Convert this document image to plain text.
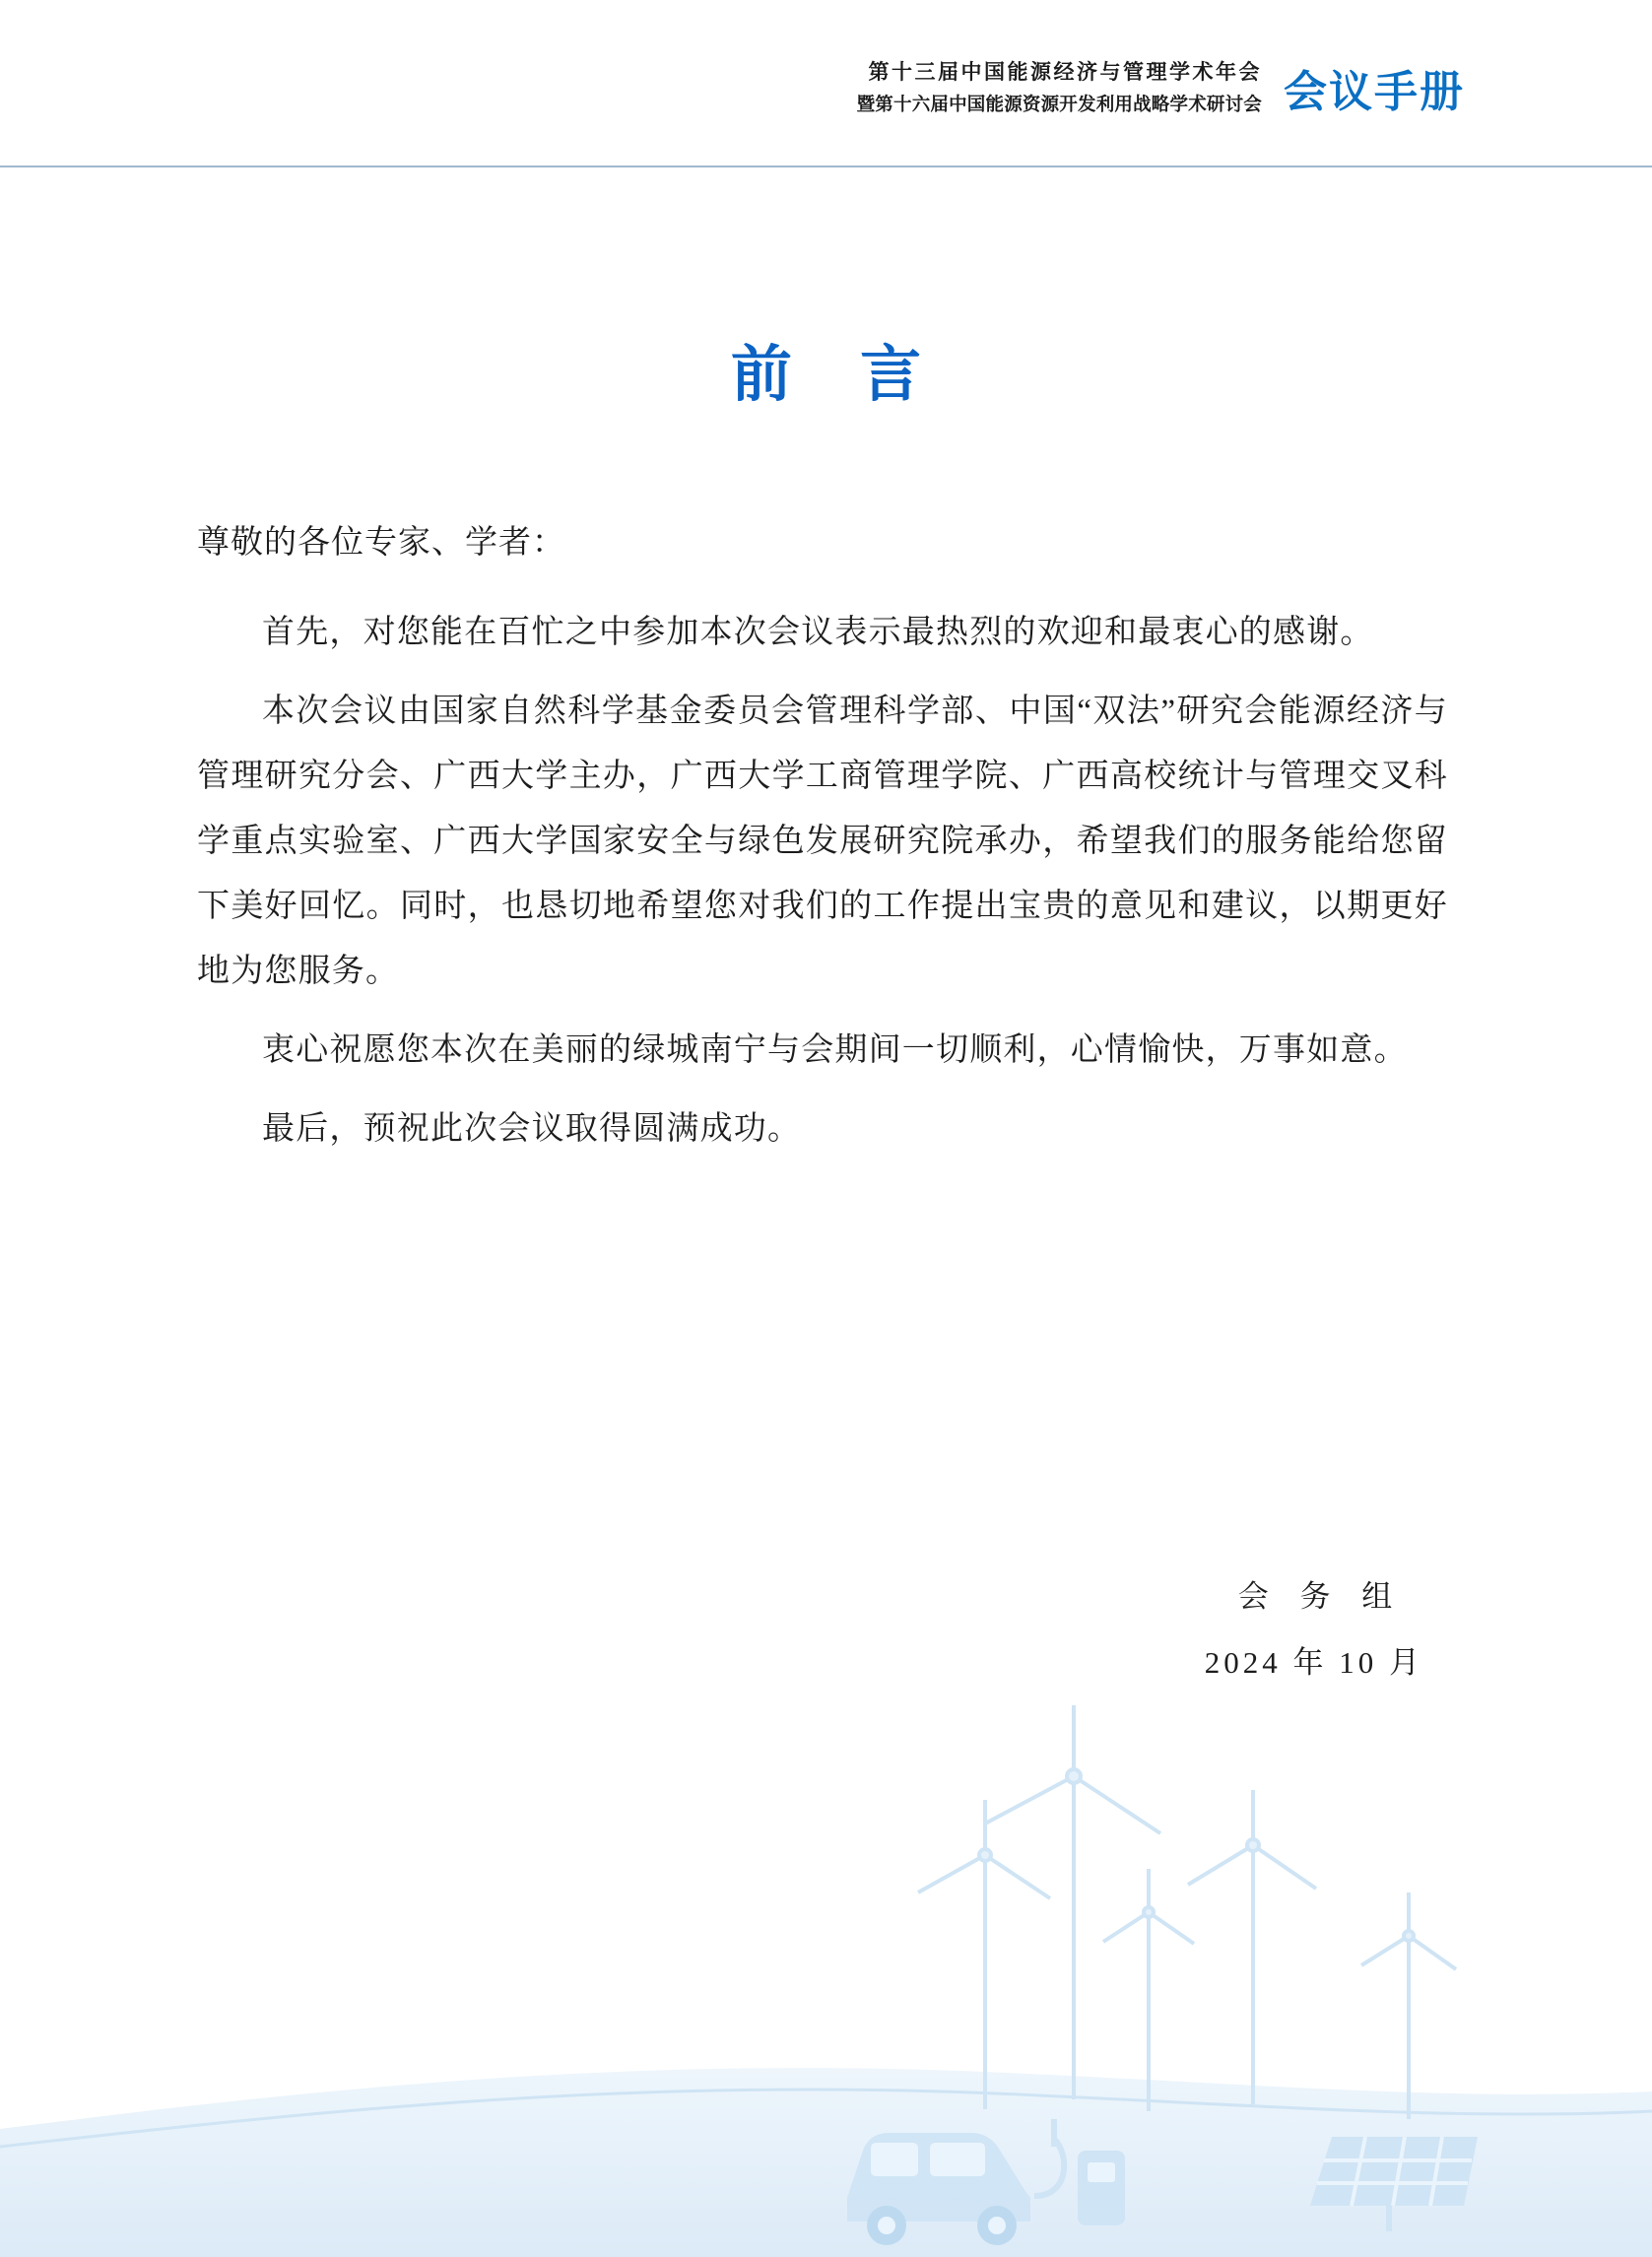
第十三届中国能源经济与管理学术年会
暨第十六届中国能源资源开发利用战略学术研讨会 会议手册
前 言
尊敬的各位专家、学者：

首先，对您能在百忙之中参加本次会议表示最热烈的欢迎和最衷心的感谢。

本次会议由国家自然科学基金委员会管理科学部、中国“双法”研究会能源经济与管理研究分会、广西大学主办，广西大学工商管理学院、广西高校统计与管理交叉科学重点实验室、广西大学国家安全与绿色发展研究院承办，希望我们的服务能给您留下美好回忆。同时，也恳切地希望您对我们的工作提出宝贵的意见和建议，以期更好地为您服务。

衷心祝愿您本次在美丽的绿城南宁与会期间一切顺利，心情愉快，万事如意。

最后，预祝此次会议取得圆满成功。

会 务 组
2024 年 10 月
